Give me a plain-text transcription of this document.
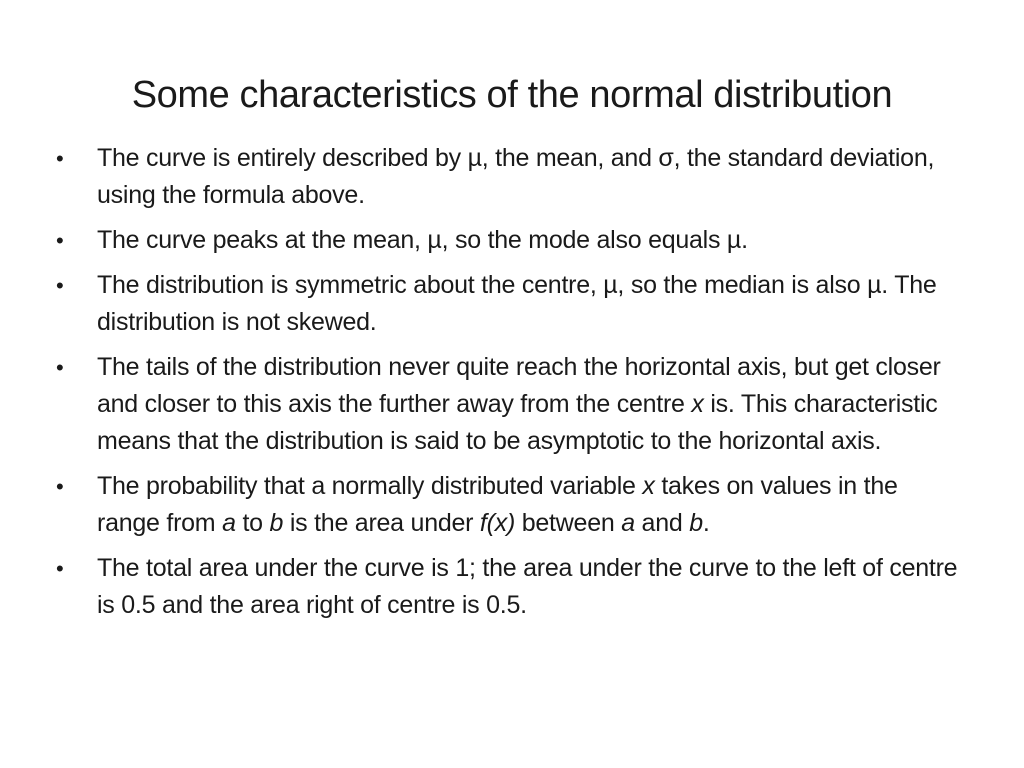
Some characteristics of the normal distribution
•	The curve is entirely described by µ, the mean, and σ, the standard deviation, using the formula above.
•	The curve peaks at the mean, µ, so the mode also equals µ.
•	The distribution is symmetric about the centre, µ, so the median is also µ. The distribution is not skewed.
•	The tails of the distribution never quite reach the horizontal axis, but get closer and closer to this axis the further away from the centre x is. This characteristic means that the distribution is said to be asymptotic to the horizontal axis.
•	The probability that a normally distributed variable x takes on values in the range from a to b is the area under f(x) between a and b.
•	The total area under the curve is 1; the area under the curve to the left of centre is 0.5 and the area right of centre is 0.5.
